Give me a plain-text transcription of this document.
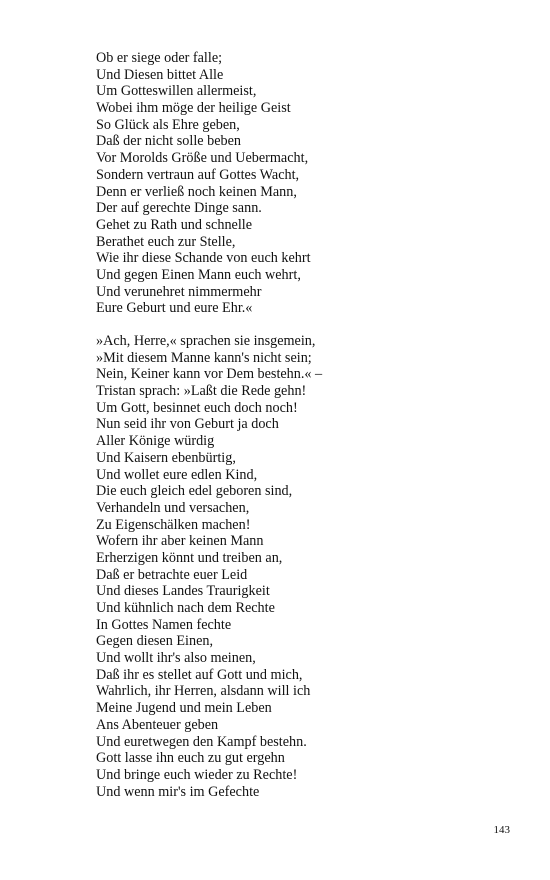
Ob er siege oder falle;
Und Diesen bittet Alle
Um Gotteswillen allermeist,
Wobei ihm möge der heilige Geist
So Glück als Ehre geben,
Daß der nicht solle beben
Vor Morolds Größe und Uebermacht,
Sondern vertraun auf Gottes Wacht,
Denn er verließ noch keinen Mann,
Der auf gerechte Dinge sann.
Gehet zu Rath und schnelle
Berathet euch zur Stelle,
Wie ihr diese Schande von euch kehrt
Und gegen Einen Mann euch wehrt,
Und verunehret nimmermehr
Eure Geburt und eure Ehr.«
»Ach, Herre,« sprachen sie insgemein,
»Mit diesem Manne kann's nicht sein;
Nein, Keiner kann vor Dem bestehn.« –
Tristan sprach: »Laßt die Rede gehn!
Um Gott, besinnet euch doch noch!
Nun seid ihr von Geburt ja doch
Aller Könige würdig
Und Kaisern ebenbürtig,
Und wollet eure edlen Kind,
Die euch gleich edel geboren sind,
Verhandeln und versachen,
Zu Eigenschälken machen!
Wofern ihr aber keinen Mann
Erherzigen könnt und treiben an,
Daß er betrachte euer Leid
Und dieses Landes Traurigkeit
Und kühnlich nach dem Rechte
In Gottes Namen fechte
Gegen diesen Einen,
Und wollt ihr's also meinen,
Daß ihr es stellet auf Gott und mich,
Wahrlich, ihr Herren, alsdann will ich
Meine Jugend und mein Leben
Ans Abenteuer geben
Und euretwegen den Kampf bestehn.
Gott lasse ihn euch zu gut ergehn
Und bringe euch wieder zu Rechte!
Und wenn mir's im Gefechte
143
